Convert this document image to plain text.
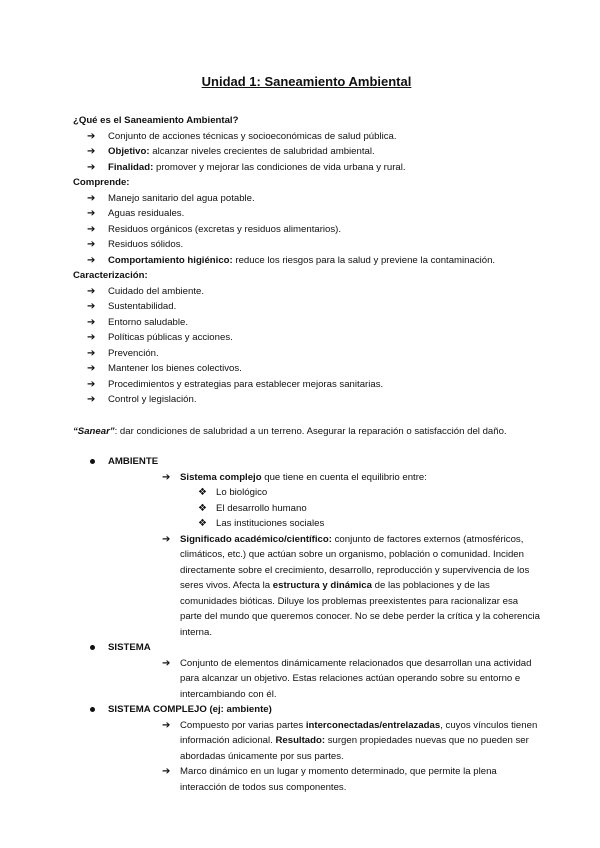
Unidad 1: Saneamiento Ambiental

¿Qué es el Saneamiento Ambiental?

➔ Conjunto de acciones técnicas y socioeconómicas de salud pública.
➔ Objetivo: alcanzar niveles crecientes de salubridad ambiental.
➔ Finalidad: promover y mejorar las condiciones de vida urbana y rural.

Comprende:

➔ Manejo sanitario del agua potable.
➔ Aguas residuales.
➔ Residuos orgánicos (excretas y residuos alimentarios).
➔ Residuos sólidos.
➔ Comportamiento higiénico: reduce los riesgos para la salud y previene la contaminación.

Caracterización:

➔ Cuidado del ambiente.
➔ Sustentabilidad.
➔ Entorno saludable.
➔ Políticas públicas y acciones.
➔ Prevención.
➔ Mantener los bienes colectivos.
➔ Procedimientos y estrategias para establecer mejoras sanitarias.
➔ Control y legislación.

“Sanear”: dar condiciones de salubridad a un terreno. Asegurar la reparación o satisfacción del daño.

AMBIENTE
➔ Sistema complejo que tiene en cuenta el equilibrio entre:
❖ Lo biológico
❖ El desarrollo humano
❖ Las instituciones sociales
➔ Significado académico/científico: conjunto de factores externos (atmosféricos, climáticos, etc.) que actúan sobre un organismo, población o comunidad. Inciden directamente sobre el crecimiento, desarrollo, reproducción y supervivencia de los seres vivos. Afecta la estructura y dinámica de las poblaciones y de las comunidades bióticas. Diluye los problemas preexistentes para racionalizar esa parte del mundo que queremos conocer. No se debe perder la crítica y la coherencia interna.
SISTEMA
➔ Conjunto de elementos dinámicamente relacionados que desarrollan una actividad para alcanzar un objetivo. Estas relaciones actúan operando sobre su entorno e intercambiando con él.
SISTEMA COMPLEJO (ej: ambiente)
➔ Compuesto por varias partes interconectadas/entrelazadas, cuyos vínculos tienen información adicional. Resultado: surgen propiedades nuevas que no pueden ser abordadas únicamente por sus partes.
➔ Marco dinámico en un lugar y momento determinado, que permite la plena interacción de todos sus componentes.
